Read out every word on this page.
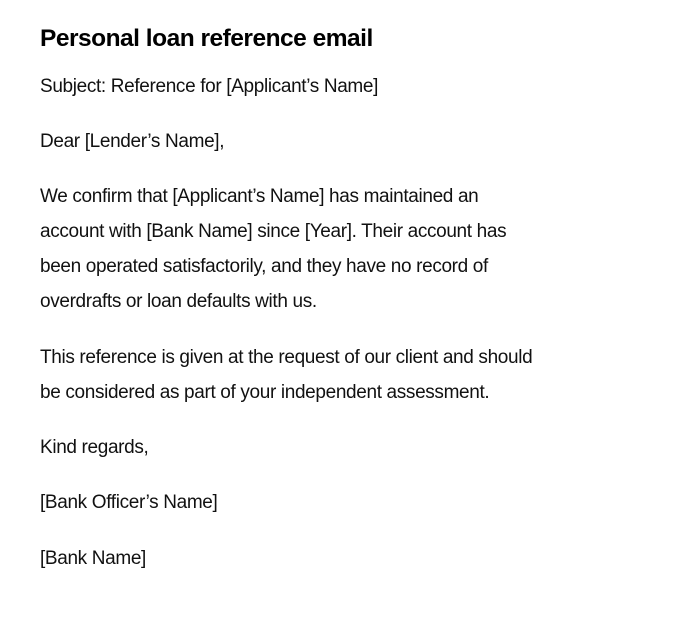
Personal loan reference email

Subject: Reference for [Applicant’s Name]

Dear [Lender’s Name],

We confirm that [Applicant’s Name] has maintained an
account with [Bank Name] since [Year]. Their account has
been operated satisfactorily, and they have no record of
overdrafts or loan defaults with us.

This reference is given at the request of our client and should
be considered as part of your independent assessment.

Kind regards,

[Bank Officer’s Name]

[Bank Name]
